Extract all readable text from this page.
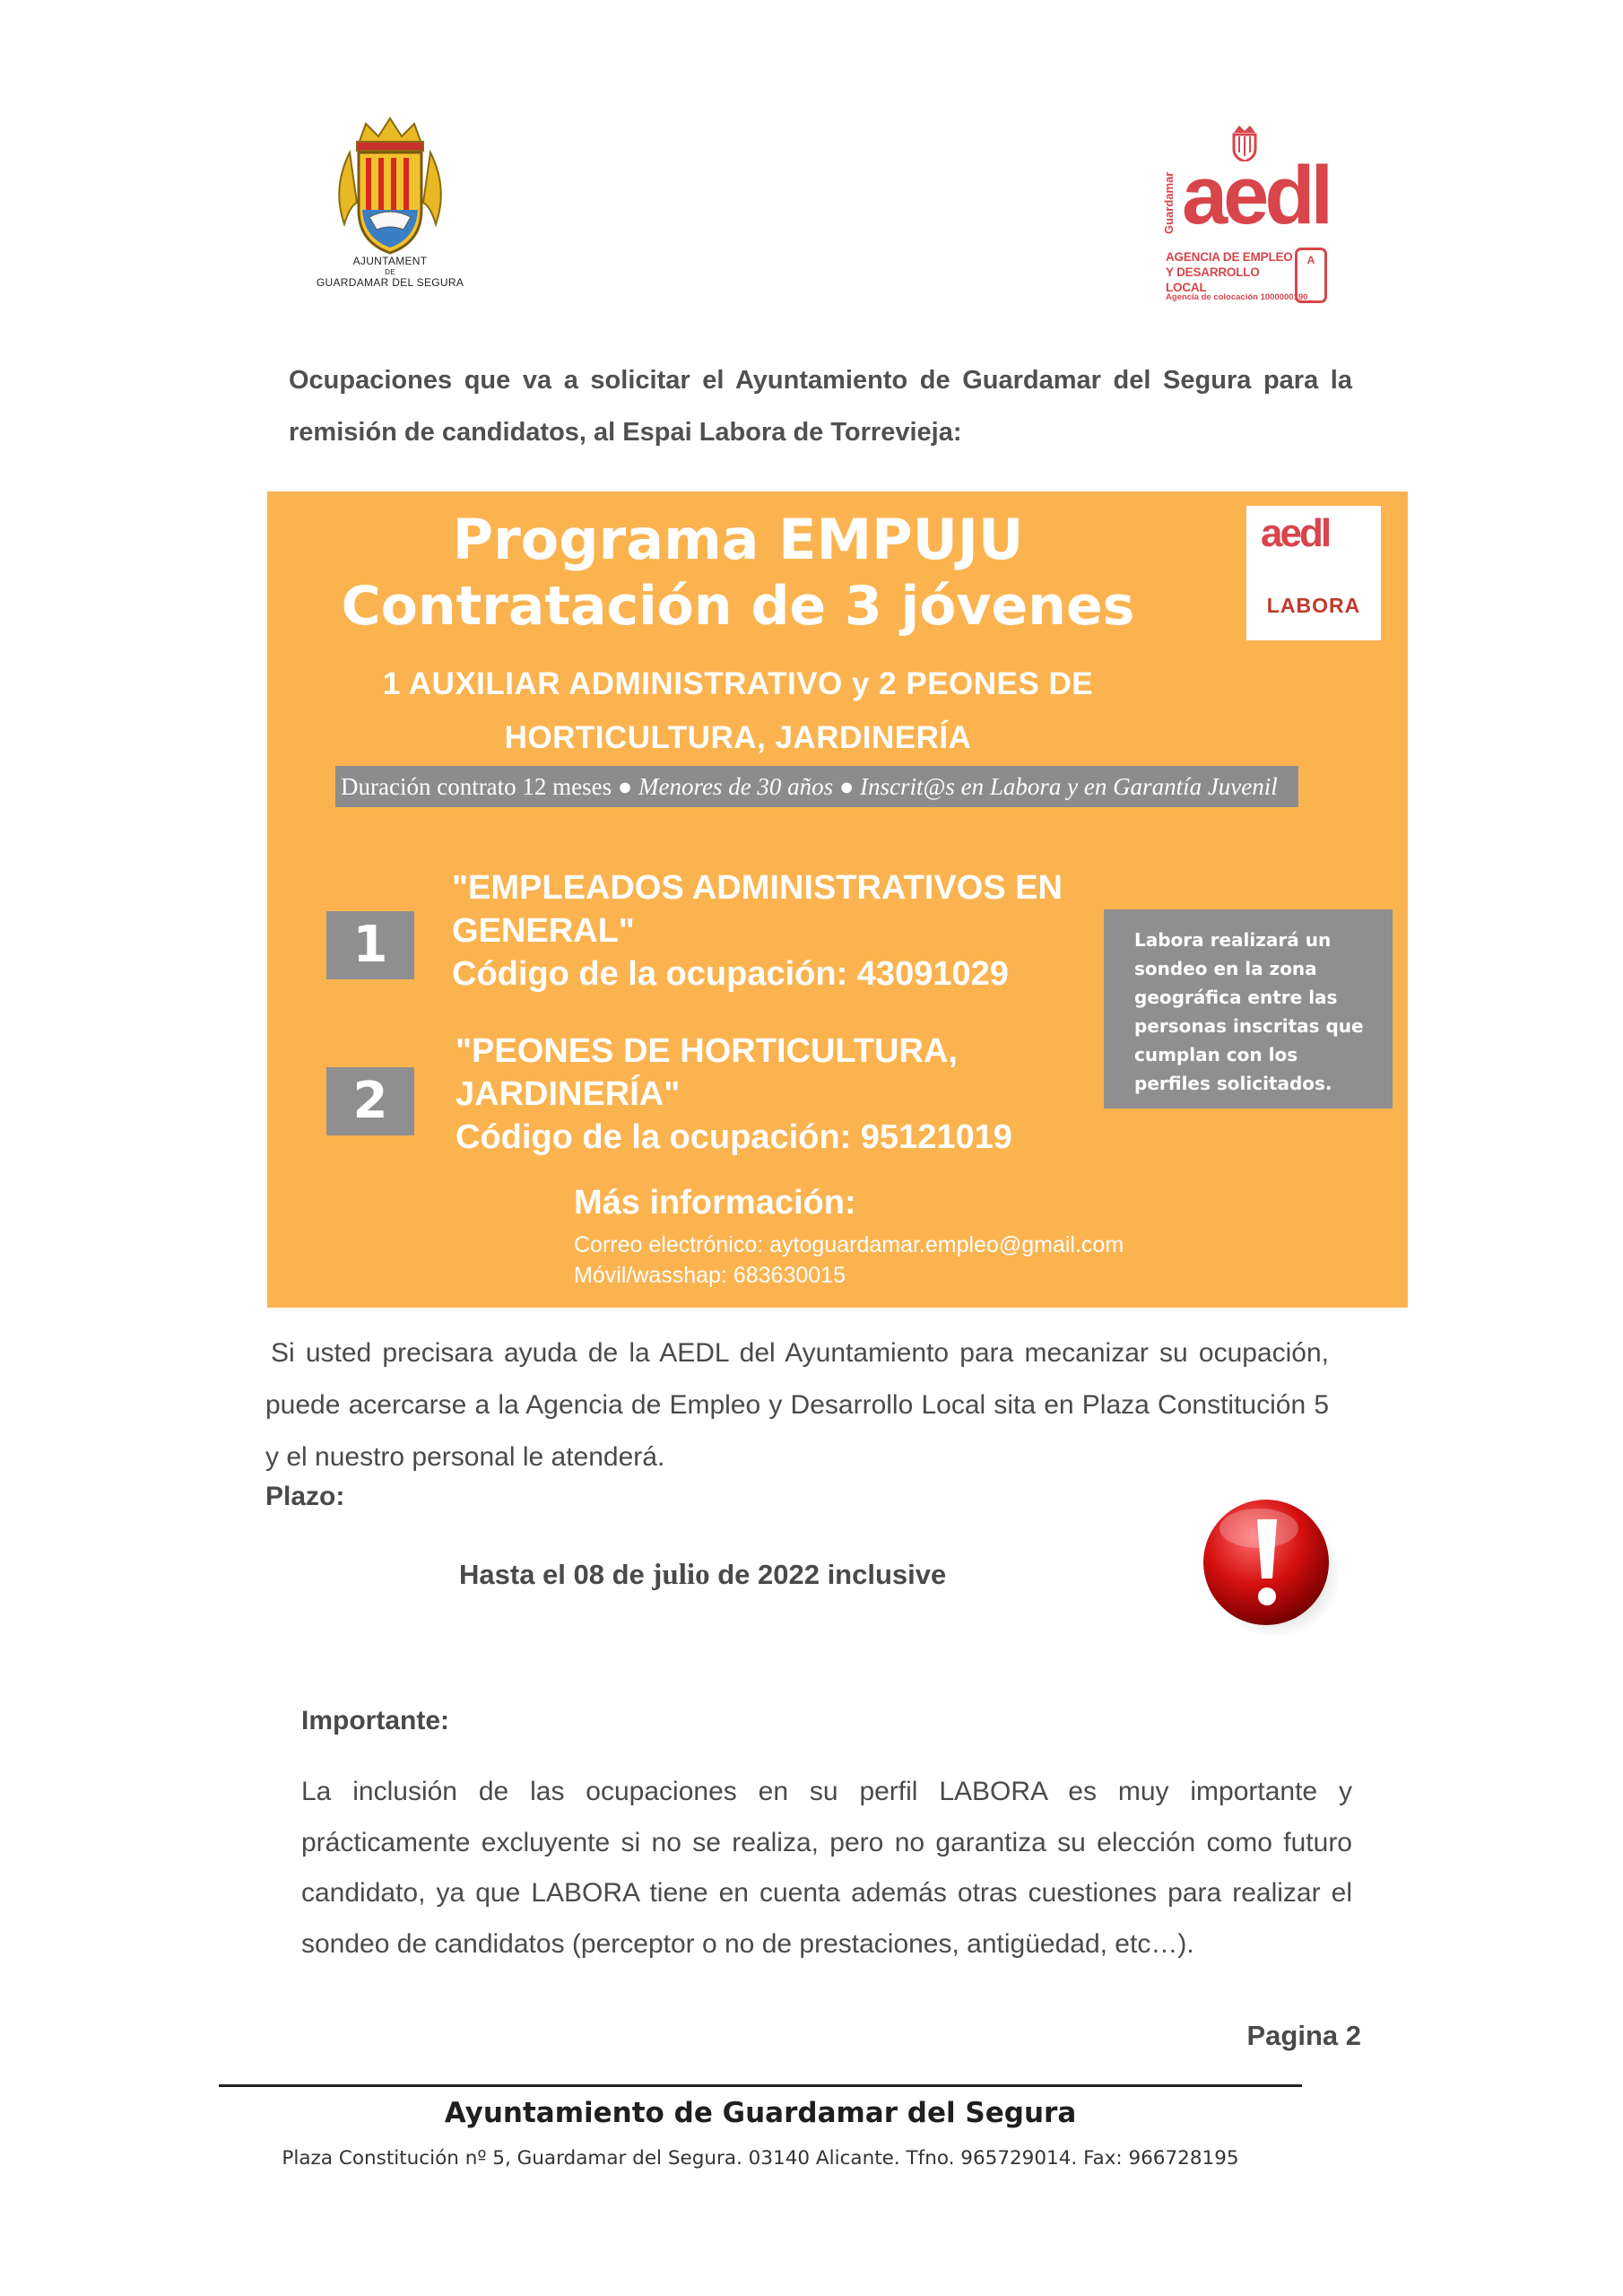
AJUNTAMENT
DE
GUARDAMAR DEL SEGURA
Guardamar aedl
AGENCIA DE EMPLEO Y DESARROLLO LOCAL
A
Agencia de colocación 1000000190
Ocupaciones que va a solicitar el Ayuntamiento de Guardamar del Segura para la remisión de candidatos, al Espai Labora de Torrevieja:
Programa EMPUJU
Contratación de 3 jóvenes
aedl
LABORA
1 AUXILIAR ADMINISTRATIVO y 2 PEONES DE
HORTICULTURA, JARDINERÍA
Duración contrato 12 meses ● Menores de 30 años ● Inscrit@s en Labora y en Garantía Juvenil
1
"EMPLEADOS ADMINISTRATIVOS EN
GENERAL"
Código de la ocupación: 43091029
2
"PEONES DE HORTICULTURA,
JARDINERÍA"
Código de la ocupación: 95121019
Labora realizará un sondeo en la zona geográfica entre las personas inscritas que cumplan con los perfiles solicitados.
Más información:
Correo electrónico: aytoguardamar.empleo@gmail.com
Móvil/wasshap: 683630015
Si usted precisara ayuda de la AEDL del Ayuntamiento para mecanizar su ocupación, puede acercarse a la Agencia de Empleo y Desarrollo Local sita en Plaza Constitución 5 y el nuestro personal le atenderá.
Plazo:
Hasta el 08 de julio de 2022 inclusive
Importante:
La inclusión de las ocupaciones en su perfil LABORA es muy importante y prácticamente excluyente si no se realiza, pero no garantiza su elección como futuro candidato, ya que LABORA tiene en cuenta además otras cuestiones para realizar el sondeo de candidatos (perceptor o no de prestaciones, antigüedad, etc…).
Pagina 2
Ayuntamiento de Guardamar del Segura
Plaza Constitución nº 5, Guardamar del Segura. 03140 Alicante. Tfno. 965729014. Fax: 966728195
